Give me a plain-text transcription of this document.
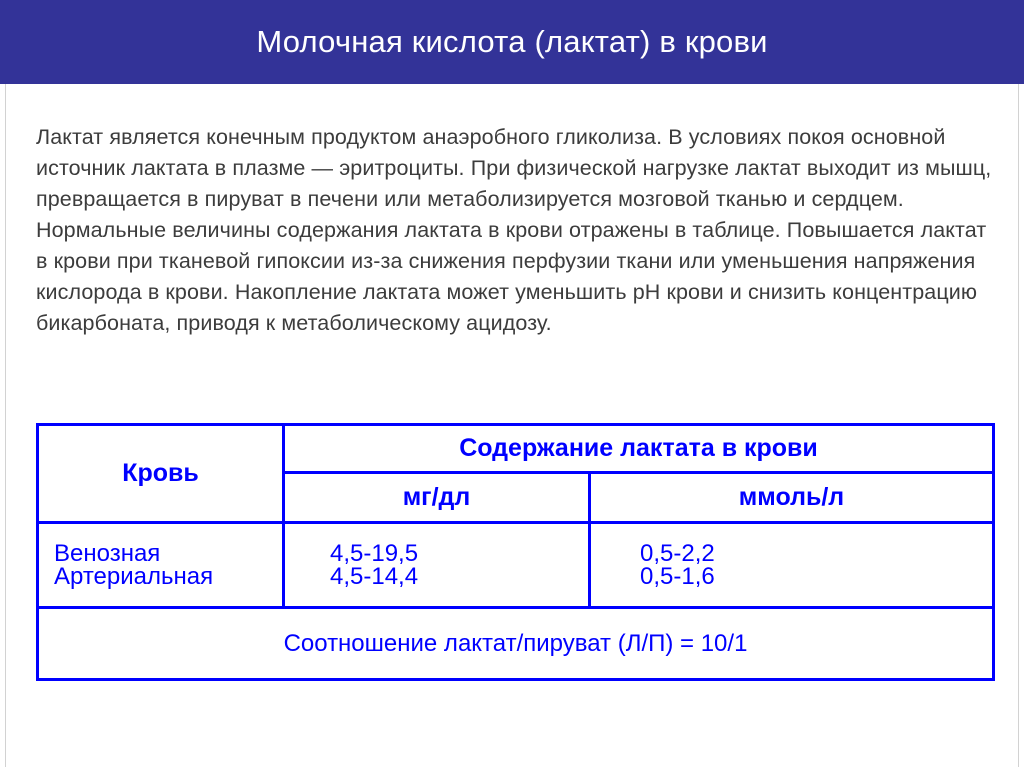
Молочная кислота (лактат) в крови

Лактат является конечным продуктом анаэробного гликолиза. В условиях покоя основной источник лактата в плазме — эритроциты. При физической нагрузке лактат выходит из мышц, превращается в пируват в печени или метаболизируется мозговой тканью и сердцем. Нормальные величины содержания лактата в крови отражены в таблице. Повышается лактат в крови при тканевой гипоксии из-за снижения перфузии ткани или уменьшения напряжения кислорода в крови. Накопление лактата может уменьшить pH крови и снизить концентрацию бикарбоната, приводя к метаболическому ацидозу.

Кровь
Содержание лактата в крови
мг/дл	ммоль/л
Венозная
Артериальная
4,5-19,5
4,5-14,4
0,5-2,2
0,5-1,6
Соотношение лактат/пируват (Л/П) = 10/1
